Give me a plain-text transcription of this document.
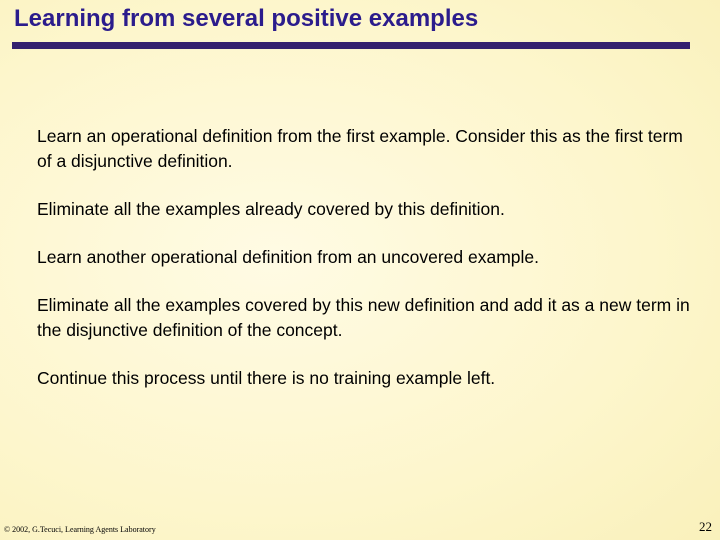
Learning from several positive examples

Learn an operational definition from the first example. Consider this as the first term of a disjunctive definition.

Eliminate all the examples already covered by this definition.

Learn another operational definition from an uncovered example.

Eliminate all the examples covered by this new definition and add it as a new term in the disjunctive definition of the concept.

Continue this process until there is no training example left.

© 2002, G.Tecuci, Learning Agents Laboratory	22
